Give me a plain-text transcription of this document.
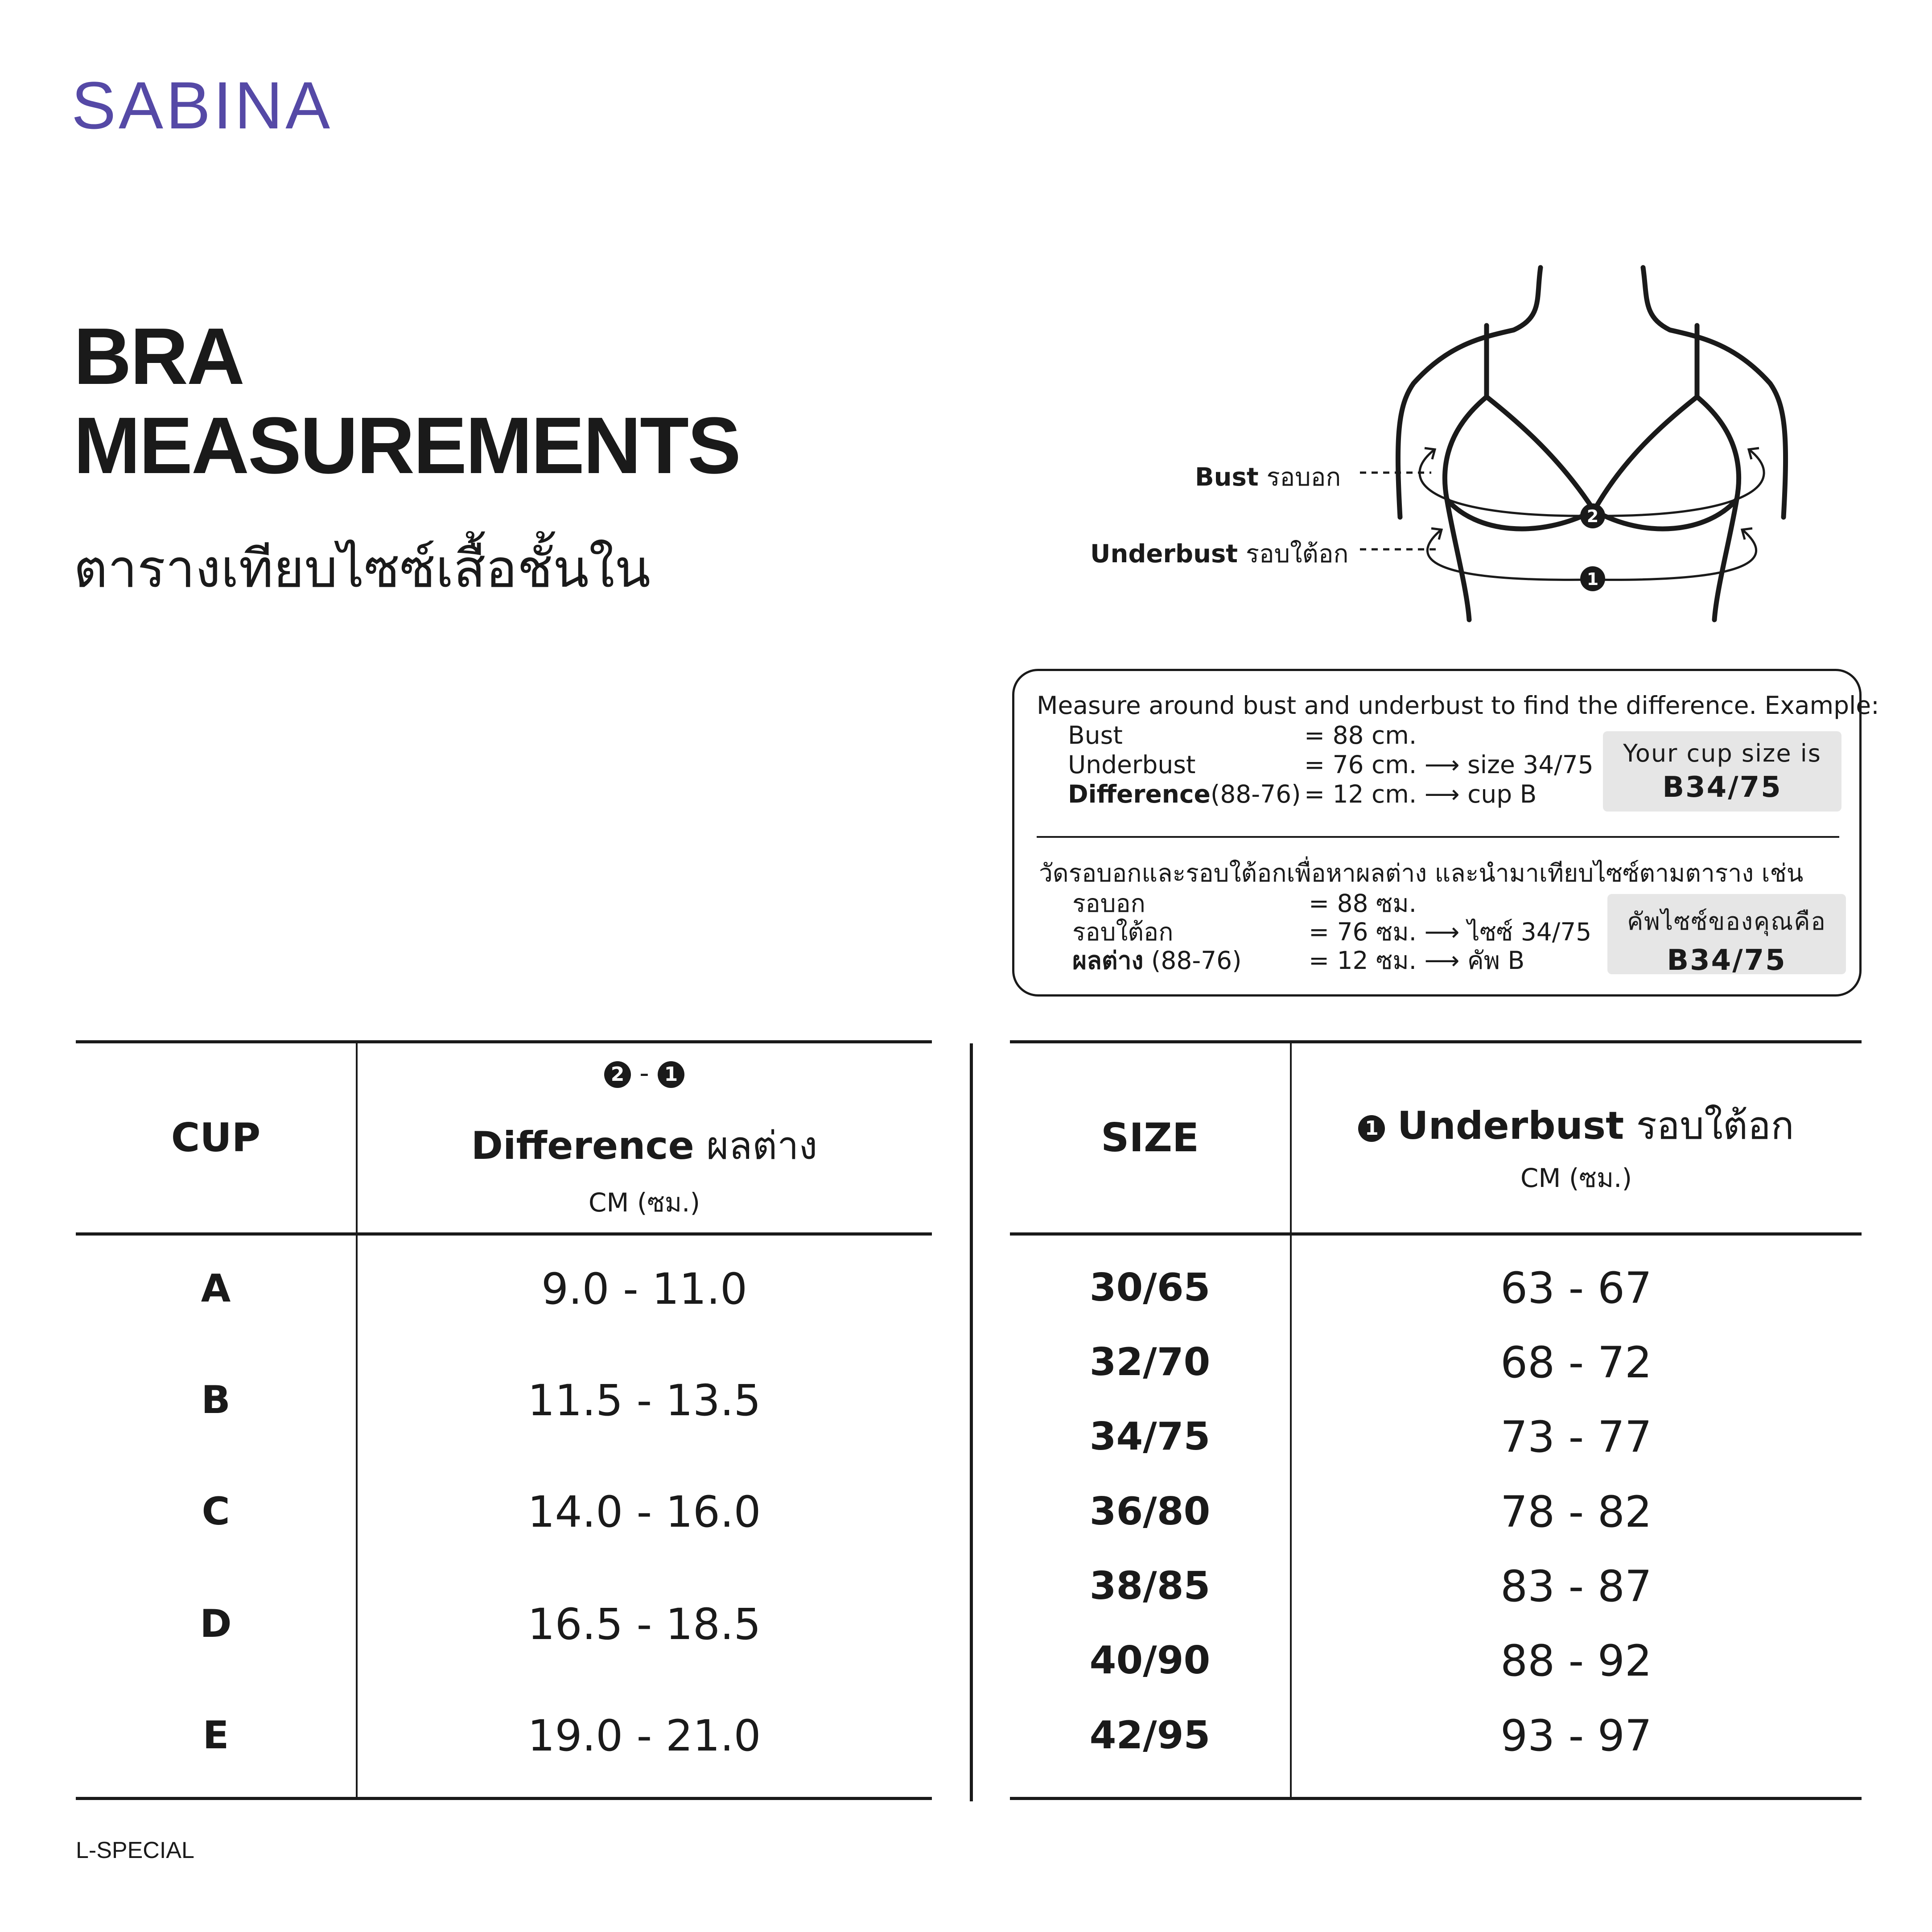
SABINA
BRA
MEASUREMENTS
ตารางเทียบไซซ์เสื้อชั้นใน
2
1
Bust รอบอก
Underbust รอบใต้อก
Measure around bust and underbust to find the difference. Example:
Bust	= 88 cm.
Underbust	= 76 cm. ⟶ size 34/75
Difference(88-76) = 12 cm. ⟶ cup B
Your cup size is
B34/75
วัดรอบอกและรอบใต้อกเพื่อหาผลต่าง และนำมาเทียบไซซ์ตามตาราง เช่น
รอบอก	= 88 ซม.
รอบใต้อก	= 76 ซม. ⟶ ไซซ์ 34/75
ผลต่าง (88-76)	= 12 ซม. ⟶ คัพ B
คัพไซซ์ของคุณคือ
B34/75
CUP
2 - 1
Difference ผลต่าง
CM (ซม.)
A	9.0 - 11.0
B	11.5 - 13.5
C	14.0 - 16.0
D	16.5 - 18.5
E	19.0 - 21.0
SIZE	1 Underbust รอบใต้อก
CM (ซม.)
30/65	63 - 67
32/70	68 - 72
34/75	73 - 77
36/80	78 - 82
38/85	83 - 87
40/90	88 - 92
42/95	93 - 97
L-SPECIAL
